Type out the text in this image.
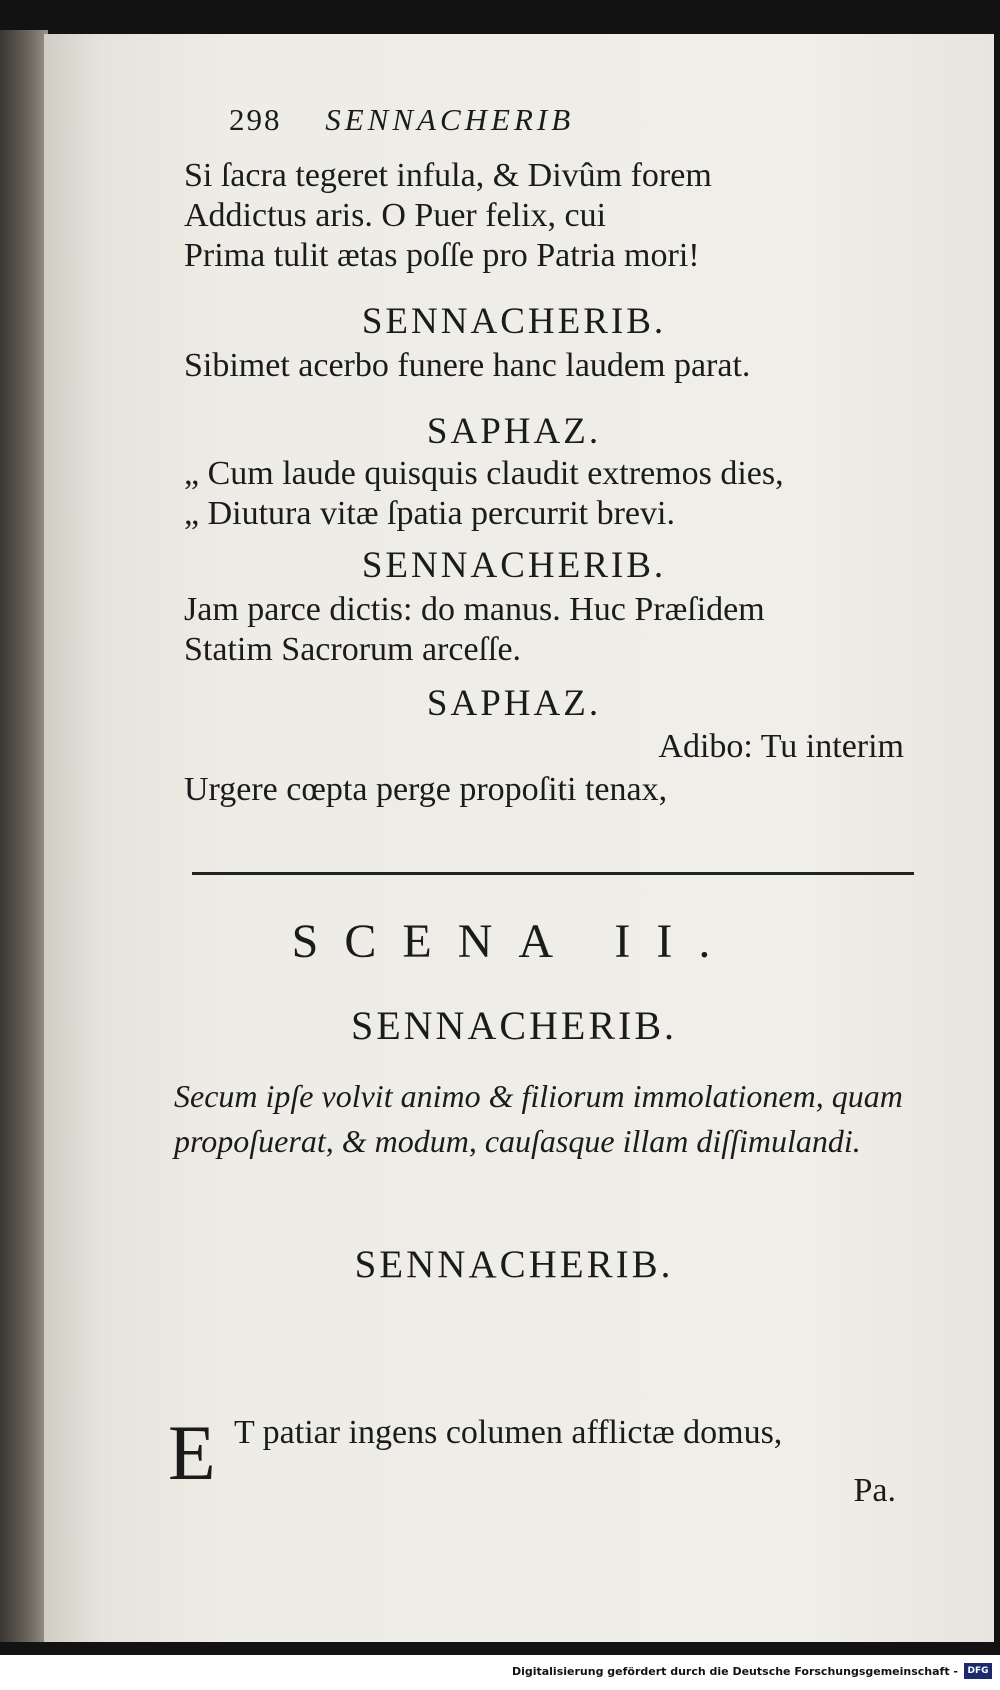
298 SENNACHERIB
Si ſacra tegeret infula, & Divûm forem
Addictus aris. O Puer felix, cui
Prima tulit ætas poſſe pro Patria mori!
SENNACHERIB.
Sibimet acerbo funere hanc laudem parat.
SAPHAZ.
„ Cum laude quisquis claudit extremos dies,
„ Diutura vitæ ſpatia percurrit brevi.
SENNACHERIB.
Jam parce dictis: do manus. Huc Præſidem
Statim Sacrorum arceſſe.
SAPHAZ.
Adibo: Tu interim
Urgere cœpta perge propoſiti tenax,
SCENA II.
SENNACHERIB.
Secum ipſe volvit animo & filiorum immolationem, quam propoſuerat, & modum, cauſasque illam diſſimulandi.
SENNACHERIB.
E T patiar ingens columen afflictæ domus,
Pa.
Digitalisierung gefördert durch die Deutsche Forschungsgemeinschaft -	DFG
